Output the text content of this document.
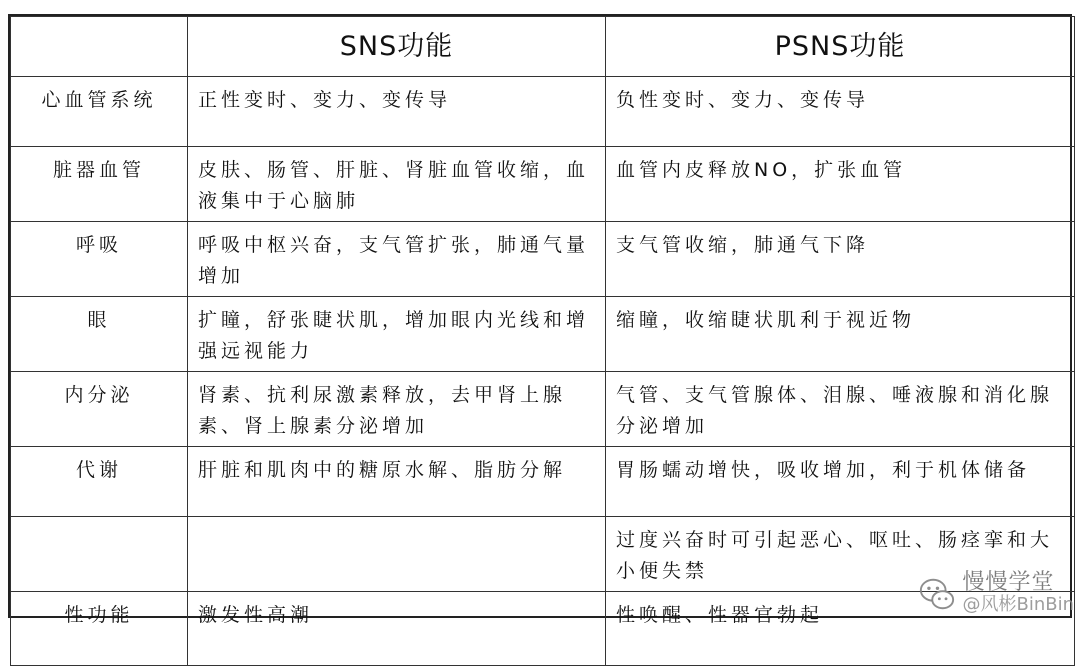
	SNS功能	PSNS功能
心血管系统	正性变时、变力、变传导	负性变时、变力、变传导
脏器血管	皮肤、肠管、肝脏、肾脏血管收缩，血液集中于心脑肺	血管内皮释放NO，扩张血管
呼吸	呼吸中枢兴奋，支气管扩张，肺通气量增加	支气管收缩，肺通气下降
眼	扩瞳，舒张睫状肌，增加眼内光线和增强远视能力	缩瞳，收缩睫状肌利于视近物
内分泌	肾素、抗利尿激素释放，去甲肾上腺素、肾上腺素分泌增加	气管、支气管腺体、泪腺、唾液腺和消化腺分泌增加
代谢	肝脏和肌肉中的糖原水解、脂肪分解	胃肠蠕动增快，吸收增加，利于机体储备
		过度兴奋时可引起恶心、呕吐、肠痉挛和大小便失禁
性功能	激发性高潮	性唤醒、性器官勃起
慢慢学堂
@风彬BinBin
